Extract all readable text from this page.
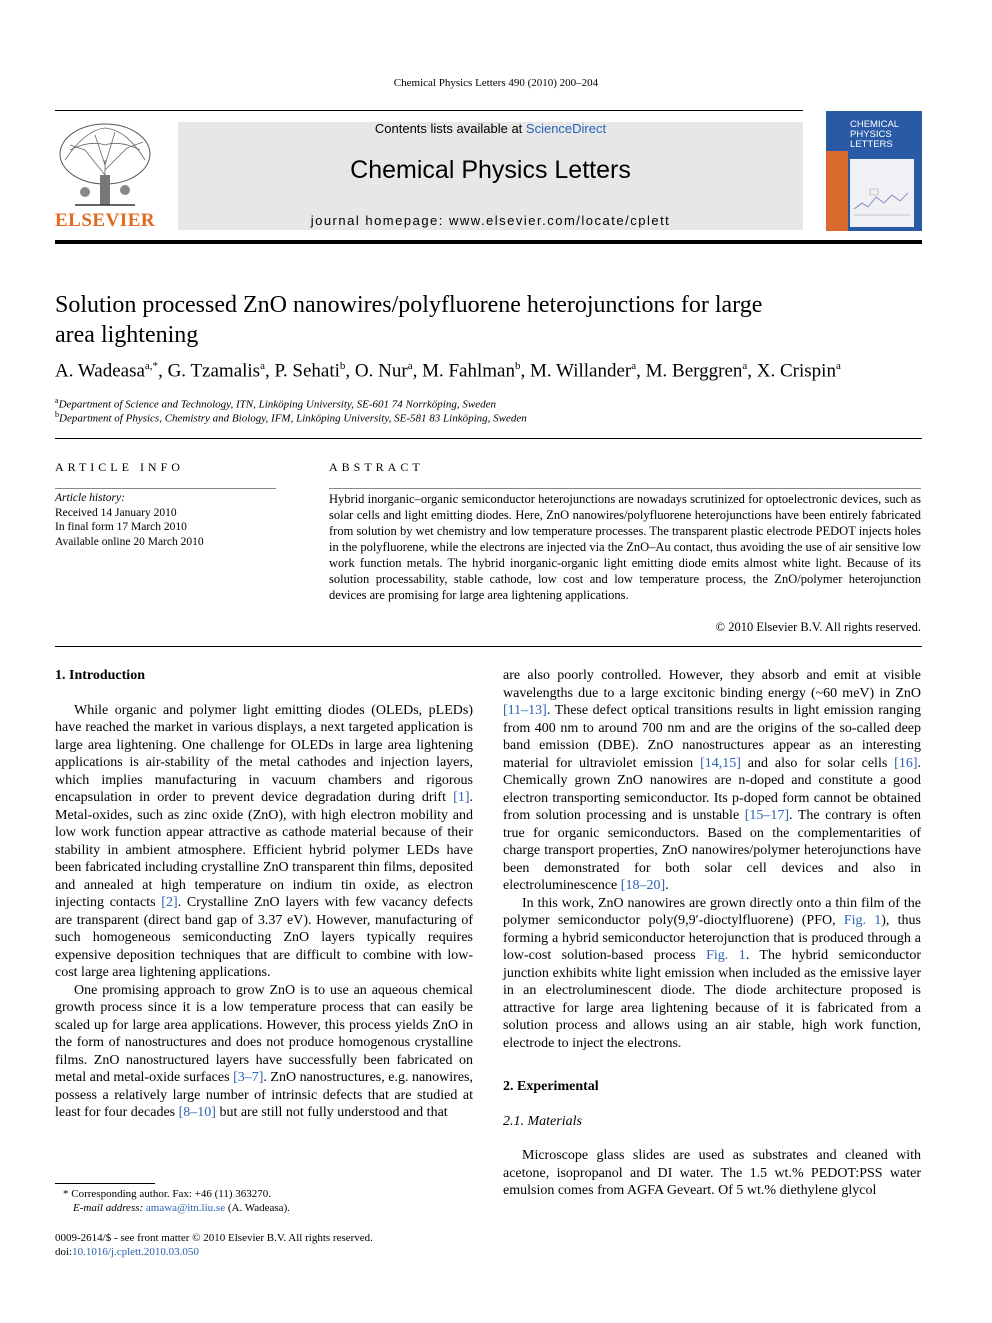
Chemical Physics Letters 490 (2010) 200–204
ELSEVIER
Contents lists available at ScienceDirect
Chemical Physics Letters
journal homepage: www.elsevier.com/locate/cplett
CHEMICAL
PHYSICS
LETTERS
Solution processed ZnO nanowires/polyfluorene heterojunctions for large
area lightening
A. Wadeasa$^{a,*}$, G. Tzamalis$^a$, P. Sehati$^b$, O. Nur$^a$, M. Fahlman$^b$, M. Willander$^a$, M. Berggren$^a$, X. Crispin$^a$
$^a$Department of Science and Technology, ITN, Linköping University, SE-601 74 Norrköping, Sweden
$^b$Department of Physics, Chemistry and Biology, IFM, Linköping University, SE-581 83 Linköping, Sweden
ARTICLE INFO
Article history:
Received 14 January 2010
In final form 17 March 2010
Available online 20 March 2010
ABSTRACT
Hybrid inorganic–organic semiconductor heterojunctions are nowadays scrutinized for optoelectronic devices, such as solar cells and light emitting diodes. Here, ZnO nanowires/polyfluorene heterojunctions have been entirely fabricated from solution by wet chemistry and low temperature processes. The transparent plastic electrode PEDOT injects holes in the polyfluorene, while the electrons are injected via the ZnO–Au contact, thus avoiding the use of air sensitive low work function metals. The hybrid inorganic-organic light emitting diode emits almost white light. Because of its solution processability, stable cathode, low cost and low temperature process, the ZnO/polymer heterojunction devices are promising for large area lightening applications.
© 2010 Elsevier B.V. All rights reserved.
1. Introduction

While organic and polymer light emitting diodes (OLEDs, pLEDs) have reached the market in various displays, a next targeted application is large area lightening. One challenge for OLEDs in large area lightening applications is air-stability of the metal cathodes and injection layers, which implies manufacturing in vacuum chambers and rigorous encapsulation in order to prevent device degradation during drift [1]. Metal-oxides, such as zinc oxide (ZnO), with high electron mobility and low work function appear attractive as cathode material because of their stability in ambient atmosphere. Efficient hybrid polymer LEDs have been fabricated including crystalline ZnO transparent thin films, deposited and annealed at high temperature on indium tin oxide, as electron injecting contacts [2]. Crystalline ZnO layers with few vacancy defects are transparent (direct band gap of 3.37 eV). However, manufacturing of such homogeneous semiconducting ZnO layers typically requires expensive deposition techniques that are difficult to combine with low-cost large area lightening applications.

One promising approach to grow ZnO is to use an aqueous chemical growth process since it is a low temperature process that can easily be scaled up for large area applications. However, this process yields ZnO in the form of nanostructures and does not produce homogenous crystalline films. ZnO nanostructured layers have successfully been fabricated on metal and metal-oxide surfaces [3–7]. ZnO nanostructures, e.g. nanowires, possess a relatively large number of intrinsic defects that are studied at least for four decades [8–10] but are still not fully understood and that

are also poorly controlled. However, they absorb and emit at visible wavelengths due to a large excitonic binding energy (~60 meV) in ZnO [11–13]. These defect optical transitions results in light emission ranging from 400 nm to around 700 nm and are the origins of the so-called deep band emission (DBE). ZnO nanostructures appear as an interesting material for ultraviolet emission [14,15] and also for solar cells [16]. Chemically grown ZnO nanowires are n-doped and constitute a good electron transporting semiconductor. Its p-doped form cannot be obtained from solution processing and is unstable [15–17]. The contrary is often true for organic semiconductors. Based on the complementarities of charge transport properties, ZnO nanowires/polymer heterojunctions have been demonstrated for both solar cell devices and also in electroluminescence [18–20].

In this work, ZnO nanowires are grown directly onto a thin film of the polymer semiconductor poly(9,9′-dioctylfluorene) (PFO, Fig. 1), thus forming a hybrid semiconductor heterojunction that is produced through a low-cost solution-based process Fig. 1. The hybrid semiconductor junction exhibits white light emission when included as the emissive layer in an electroluminescent diode. The diode architecture proposed is attractive for large area lightening because of it is fabricated from a solution process and allows using an air stable, high work function, electrode to inject the electrons.

2. Experimental
2.1. Materials

Microscope glass slides are used as substrates and cleaned with acetone, isopropanol and DI water. The 1.5 wt.% PEDOT:PSS water emulsion comes from AGFA Geveart. Of 5 wt.% diethylene glycol

* Corresponding author. Fax: +46 (11) 363270.
E-mail address: amawa@itn.liu.se (A. Wadeasa).
0009-2614/$ - see front matter © 2010 Elsevier B.V. All rights reserved.
doi:10.1016/j.cplett.2010.03.050
